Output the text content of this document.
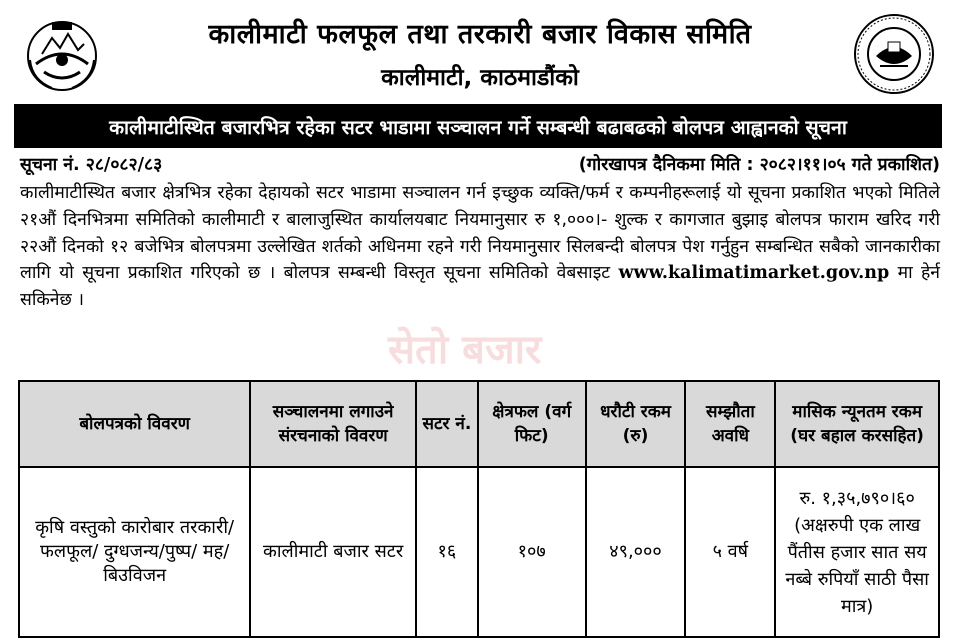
कालीमाटी फलफूल तथा तरकारी बजार विकास समिति
कालीमाटी, काठमाडौंको
कालीमाटीस्थित बजारभित्र रहेका सटर भाडामा सञ्चालन गर्ने सम्बन्धी बढाबढको बोलपत्र आह्वानको सूचना
सूचना नं. २८/०८२/८३	(गोरखापत्र दैनिकमा मिति : २०८२।११।०५ गते प्रकाशित)
कालीमाटीस्थित बजार क्षेत्रभित्र रहेका देहायको सटर भाडामा सञ्चालन गर्न इच्छुक व्यक्ति/फर्म र कम्पनीहरूलाई यो सूचना प्रकाशित भएको मितिले २१औं दिनभित्रमा समितिको कालीमाटी र बालाजुस्थित कार्यालयबाट नियमानुसार रु १,०००।- शुल्क र कागजात बुझाइ बोलपत्र फाराम खरिद गरी २२औं दिनको १२ बजेभित्र बोलपत्रमा उल्लेखित शर्तको अधिनमा रहने गरी नियमानुसार सिलबन्दी बोलपत्र पेश गर्नुहुन सम्बन्धित सबैको जानकारीका लागि यो सूचना प्रकाशित गरिएको छ । बोलपत्र सम्बन्धी विस्तृत सूचना समितिको वेबसाइट www.kalimatimarket.gov.np मा हेर्न सकिनेछ ।
सेतो बजार
बोलपत्रको विवरण	सञ्चालनमा लगाउने संरचनाको विवरण	सटर नं.	क्षेत्रफल (वर्ग फिट)	धरौटी रकम (रु)	सम्झौता अवधि	मासिक न्यूनतम रकम (घर बहाल करसहित)
कृषि वस्तुको कारोबार तरकारी/फलफूल/ दुग्धजन्य/पुष्प/ मह/बिउविजन	कालीमाटी बजार सटर	१६	१०७	४९,०००	५ वर्ष	रु. १,३५,७९०।६०
(अक्षरुपी एक लाख पैंतीस हजार सात सय नब्बे रुपियाँ साठी पैसा मात्र)
